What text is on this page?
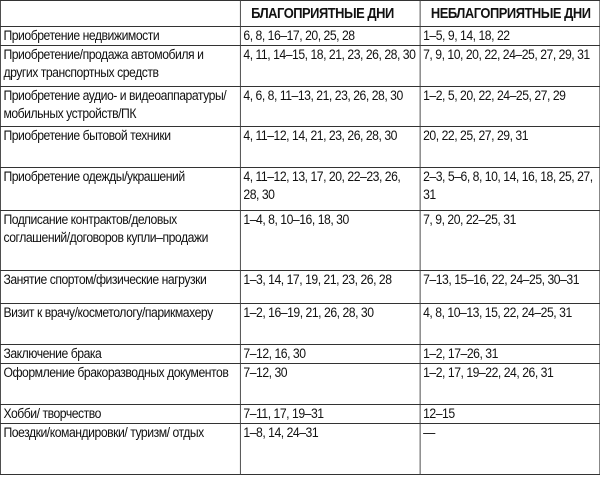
	БЛАГОПРИЯТНЫЕ ДНИ	НЕБЛАГОПРИЯТНЫЕ ДНИ
Приобретение недвижимости	6, 8, 16–17, 20, 25, 28	1–5, 9, 14, 18, 22
Приобретение/продажа автомобиля и других транспортных средств	4, 11, 14–15, 18, 21, 23, 26, 28, 30	7, 9, 10, 20, 22, 24–25, 27, 29, 31
Приобретение аудио- и видеоаппаратуры/мобильных устройств/ПК	4, 6, 8, 11–13, 21, 23, 26, 28, 30	1–2, 5, 20, 22, 24–25, 27, 29
Приобретение бытовой техники	4, 11–12, 14, 21, 23, 26, 28, 30	20, 22, 25, 27, 29, 31
Приобретение одежды/украшений	4, 11–12, 13, 17, 20, 22–23, 26, 28, 30	2–3, 5–6, 8, 10, 14, 16, 18, 25, 27, 31
Подписание контрактов/деловых соглашений/договоров купли–продажи	1–4, 8, 10–16, 18, 30	7, 9, 20, 22–25, 31
Занятие спортом/физические нагрузки	1–3, 14, 17, 19, 21, 23, 26, 28	7–13, 15–16, 22, 24–25, 30–31
Визит к врачу/косметологу/парикмахеру	1–2, 16–19, 21, 26, 28, 30	4, 8, 10–13, 15, 22, 24–25, 31
Заключение брака	7–12, 16, 30	1–2, 17–26, 31
Оформление бракоразводных документов	7–12, 30	1–2, 17, 19–22, 24, 26, 31
Хобби/ творчество	7–11, 17, 19–31	12–15
Поездки/командировки/ туризм/ отдых	1–8, 14, 24–31	—
